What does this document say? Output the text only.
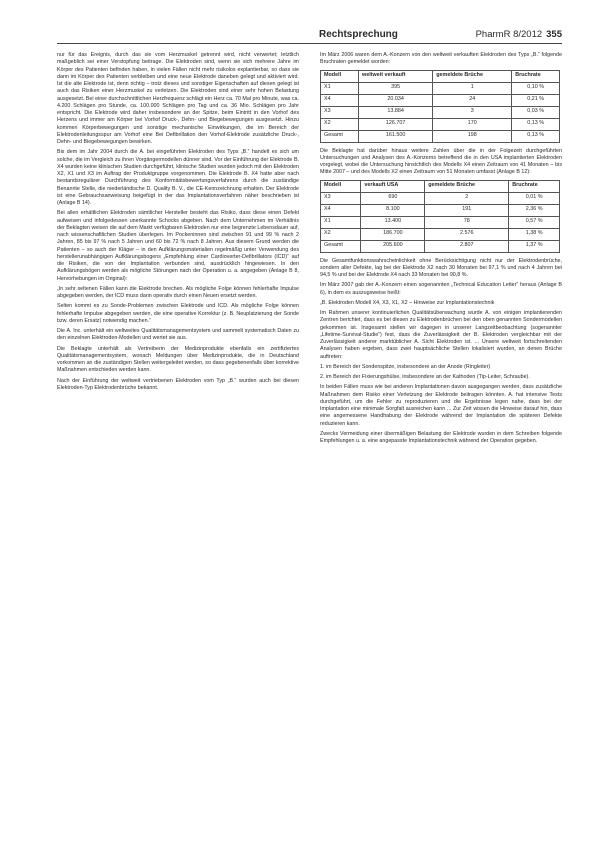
Rechtsprechung	PharmR 8/2012 355

nur für das Ereignis, durch das sie vom Herzmuskel getrennt wird, nicht verwertet; letztlich maßgeblich sei einer Verstopfung beitrage. Die Elektroden sind, wenn sie sich mehrere Jahre im Körper des Patienten befinden haben, in vielen Fällen nicht mehr risikolos explantierbar, so dass sie dann im Körper des Patienten verbleiben und eine neue Elektrode daneben gelegt und aktiviert wird. Ist die alte Elektrode ist, denn richtig – trotz dieses und sonstiger Eigenschaften auf diesen gelegt ist auch das Risiken einer Herzmuskel zu verletzen. Die Elektroden sind einer sehr hohen Belastung ausgesetzt. Bei einer durchschnittlichen Herzfrequenz schlägt ein Herz ca. 70 Mal pro Minute, was ca. 4.200 Schlägen pro Stunde, ca. 100.000 Schlägen pro Tag und ca. 36 Mio. Schlägen pro Jahr entspricht. Die Elektrode wird daher insbesondere an der Spitze, beim Eintritt in den Vorhof des Herzens und immer am Körper bei Vorhof Druck-, Dehn- und Biegebewegungen ausgesetzt. Hinzu kommen Körperbewegungen und sonstige mechanische Einwirkungen, die im Bereich der Elektrodenleitungsspur am Vorhof eine Bei Defibrillation den Vorhof-Elektrode zusätzliche Druck-, Dehn- und Biegebewegungen bewirken.

Bis dem im Jahr 2004 durch die A. bei eingeführten Elektroden des Typs „B.“ handelt es sich um solche, die im Vergleich zu ihren Vorgängermodellen dünner sind. Vor der Einführung der Elektrode B. X4 wurden keine klinischen Studien durchgeführt, klinische Studien wurden jedoch mit den Elektroden X2, X1 und X3 im Auftrag der Produktgruppe vorgenommen. Die Elektrode B. X4 hatte aber nach bestandsregulärer Durchführung des Konformitätsbewertungsverfahrens durch die zuständige Benannte Stelle, die niederländische D. Quality B. V., die CE-Kennzeichnung erhalten. Der Elektrode ist eine Gebrauchsanweisung beigefügt in der das Implantationsverfahren näher beschrieben ist (Anlage B 14).

Bei allen erhältlichen Elektroden sämtlicher Hersteller besteht das Risiko, dass diese einen Defekt aufweisen und infolgedessen unerkannte Schocks abgeben. Nach dem Unternehmen im Verhältnis der Beklagten weisen die auf dem Markt verfügbaren Elektroden nur eine begrenzte Lebensdauer auf, nach wissenschaftlichen Studien überlegen. Im Pockeninnen sind zwischen 91 und 99 % nach 2 Jahren, 85 bis 97 % nach 5 Jahren und 60 bis 72 % nach 8 Jahren. Aus diesem Grund werden die Patienten – so auch der Kläger – in den Aufklärungsmaterialien regelmäßig unter Verwendung des herstellerunabhängigen Aufklärungsbogens „Empfehlung einer Cardioverter-Defibrillators (ICD)“ auf die Risiken, die von der Implantation verbunden sind, ausdrücklich hingewiesen. In den Aufklärungsbögen werden als mögliche Störungen nach der Operation u. a. angegeben (Anlage B 8, Hervorhebungen im Original):

„In sehr seltenen Fällen kann die Elektrode brechen. Als mögliche Folge können fehlerhafte Impulse abgegeben werden, der ICD muss dann operativ durch einen Neuen ersetzt werden.

Selten kommt es zu Sonde-Problemen zwischen Elektrode und ICD. Als mögliche Folge können fehlerhafte Impulse abgegeben werden, die eine operative Korrektur (z. B. Neuplatzierung der Sonde bzw. deren Ersatz) notwendig machen.“

Die A. Inc. unterhält ein weltweites Qualitätsmanagementsystem und sammelt systematisch Daten zu den einzelnen Elektroden-Modellen und wertet sie aus.

Die Beklagte unterhält als Vertreiberin der Medizinprodukte ebenfalls ein zertifiziertes Qualitätsmanagementsystem, wonach Meldungen über Medizinprodukte, die in Deutschland vorkommen an die zuständigen Stellen weitergeleitet werden, so dass gegebenenfalls über korrektive Maßnahmen entschieden werden kann.

Nach der Einführung der weltweit vertriebenen Elektroden vom Typ „B.“ wurden auch bei diesen Elektroden-Typ Elektrodenbrüche bekannt.

Im März 2006 waren dem A.-Konzern von den weltweit verkauften Elektroden des Typs „B.“ folgende Bruchraten gemeldet worden:

Modell	weltweit verkauft	gemeldete Brüche	Bruchrate
X1	395	1	0,10 %
X4	20.034	24	0,21 %
X3	13.884	3	0,03 %
X2	126.707	170	0,13 %
Gesamt	161.500	198	0,13 %

Die Beklagte hat darüber hinaus weitere Zahlen über die in der Folgezeit durchgeführten Untersuchungen und Analysen des A.-Konzerns betreffend die in den USA implantierten Elektroden vorgelegt, wobei die Untersuchung hinsichtlich des Modells X4 einen Zeitraum von 41 Monaten – bis Mitte 2007 – und des Modells X2 einen Zeitraum von 51 Monaten umfasst (Anlage B 12):

Modell	verkauft USA	gemeldete Brüche	Bruchrate
X3	690	2	0,01 %
X4	8.100	191	2,36 %
X1	13.400	78	0,57 %
X2	186.700	2.576	1,38 %
Gesamt	205.600	2.807	1,37 %

Die Gesamtfunktionswahrscheinlichkeit ohne Berücksichtigung nicht nur der Elektrodenbrüche, sondern aller Defekte, lag bei der Elektrode X2 nach 30 Monaten bei 97,1 % und nach 4 Jahren bei 94,5 % und bei der Elektrode X4 nach 33 Monaten bei 90,8 %.

Im März 2007 gab der A.-Konzern einen sogenannten „Technical Education Letter“ heraus (Anlage B 6), in dem es auszugsweise heißt:

„B. Elektroden Modell X4, X3, X1, X2 – Hinweise zur Implantationstechnik

Im Rahmen unserer kontinuierlichen Qualitätsüberwachung wurde A. von einigen implantierenden Zentren berichtet, dass es bei diesen zu Elektrodenbrüchen bei den oben genannten Sondermodellen gekommen ist. Insgesamt stellen wir dagegen in unserer Langzeitbeobachtung (sogenannter „Lifetime-Survival-Studie“) fest, dass die Zuverlässigkeit der B. Elektroden vergleichbar mit der Zuverlässigkeit anderer marktüblicher A. Sicht Elektroden ist. ... Unsere weltweit fortschreitenden Analysen haben ergeben, dass zwei hauptsächliche Stellen lokalisiert wurden, an denen Brüche auftreten:

1. im Bereich der Sondenspitze, insbesondere an der Anode (Ringleiter)

2. im Bereich der Fixierungshülse, insbesondere an der Kathoden (Tip-Leiter, Schraube).

In beiden Fällen muss wie bei anderen Implantationen davon ausgegangen werden, dass zusätzliche Maßnahmen dem Risiko einer Verletzung der Elektrode beitragen könnten. A. hat intensive Tests durchgeführt, um die Fehler zu reproduzieren und die Ergebnisse legen nahe, dass bei der Implantation eine minimale Sorgfalt ausreichen kann ... Zur Zeit wissen die Hinweise darauf hin, dass eine angemessene Handhabung der Elektrode während der Implantation die späteren Defekte reduzieren kann.

Zwecks Vermeidung einer übermäßigen Belastung der Elektrode wurden in dem Schreiben folgende Empfehlungen u. a. eine angepasste Implantationstechnik während der Operation gegeben.
